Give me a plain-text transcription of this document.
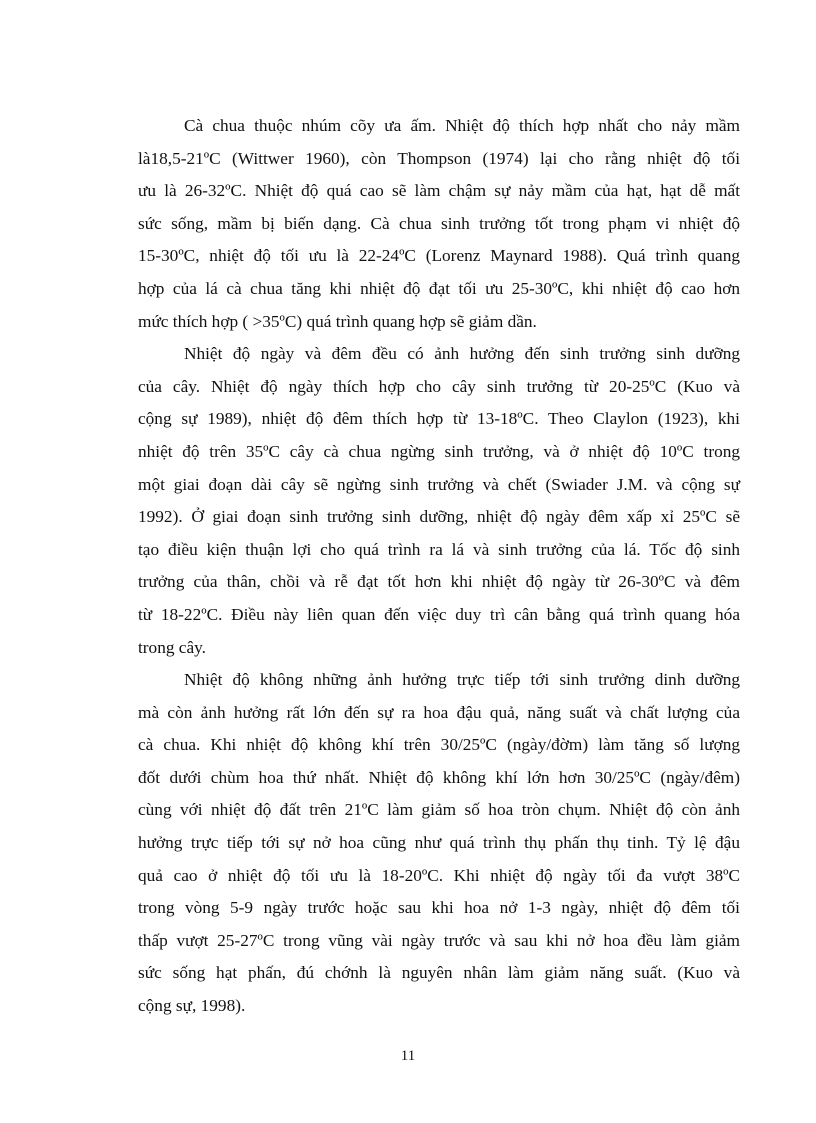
Cà chua thuộc nhúm cõy ưa ấm. Nhiệt độ thích hợp nhất cho nảy mầm
là18,5-21ºC (Wittwer 1960), còn Thompson (1974) lại cho rằng nhiệt độ tối
ưu là 26-32ºC. Nhiệt độ quá cao sẽ làm chậm sự nảy mầm của hạt, hạt dễ mất
sức sống, mầm bị biến dạng. Cà chua sinh trưởng tốt trong phạm vi nhiệt độ
15-30ºC, nhiệt độ tối ưu là 22-24ºC (Lorenz Maynard 1988). Quá trình quang
hợp của lá cà chua tăng khi nhiệt độ đạt tối ưu 25-30ºC, khi nhiệt độ cao hơn
mức thích hợp ( >35ºC) quá trình quang hợp sẽ giảm dần.
Nhiệt độ ngày và đêm đều có ảnh hưởng đến sinh trưởng sinh dưỡng
của cây. Nhiệt độ ngày thích hợp cho cây sinh trưởng từ 20-25ºC (Kuo và
cộng sự 1989), nhiệt độ đêm thích hợp từ 13-18ºC. Theo Claylon (1923), khi
nhiệt độ trên 35ºC cây cà chua ngừng sinh trưởng, và ở nhiệt độ 10ºC trong
một giai đoạn dài cây sẽ ngừng sinh trưởng và chết (Swiader J.M. và cộng sự
1992). Ở giai đoạn sinh trưởng sinh dưỡng, nhiệt độ ngày đêm xấp xỉ 25ºC sẽ
tạo điều kiện thuận lợi cho quá trình ra lá và sinh trưởng của lá. Tốc độ sinh
trưởng của thân, chồi và rễ đạt tốt hơn khi nhiệt độ ngày từ 26-30ºC và đêm
từ 18-22ºC. Điều này liên quan đến việc duy trì cân bằng quá trình quang hóa
trong cây.
Nhiệt độ không những ảnh hưởng trực tiếp tới sinh trưởng dinh dưỡng
mà còn ảnh hưởng rất lớn đến sự ra hoa đậu quả, năng suất và chất lượng của
cà chua. Khi nhiệt độ không khí trên 30/25ºC (ngày/đờm) làm tăng số lượng
đốt dưới chùm hoa thứ nhất. Nhiệt độ không khí lớn hơn 30/25ºC (ngày/đêm)
cùng với nhiệt độ đất trên 21ºC làm giảm số hoa tròn chụm. Nhiệt độ còn ảnh
hưởng trực tiếp tới sự nở hoa cũng như quá trình thụ phấn thụ tinh. Tỷ lệ đậu
quả cao ở nhiệt độ tối ưu là 18-20ºC. Khi nhiệt độ ngày tối đa vượt 38ºC
trong vòng 5-9 ngày trước hoặc sau khi hoa nở 1-3 ngày, nhiệt độ đêm tối
thấp vượt 25-27ºC trong vũng vài ngày trước và sau khi nở hoa đều làm giảm
sức sống hạt phấn, đú chớnh là nguyên nhân làm giảm năng suất. (Kuo và
cộng sự, 1998).
11
